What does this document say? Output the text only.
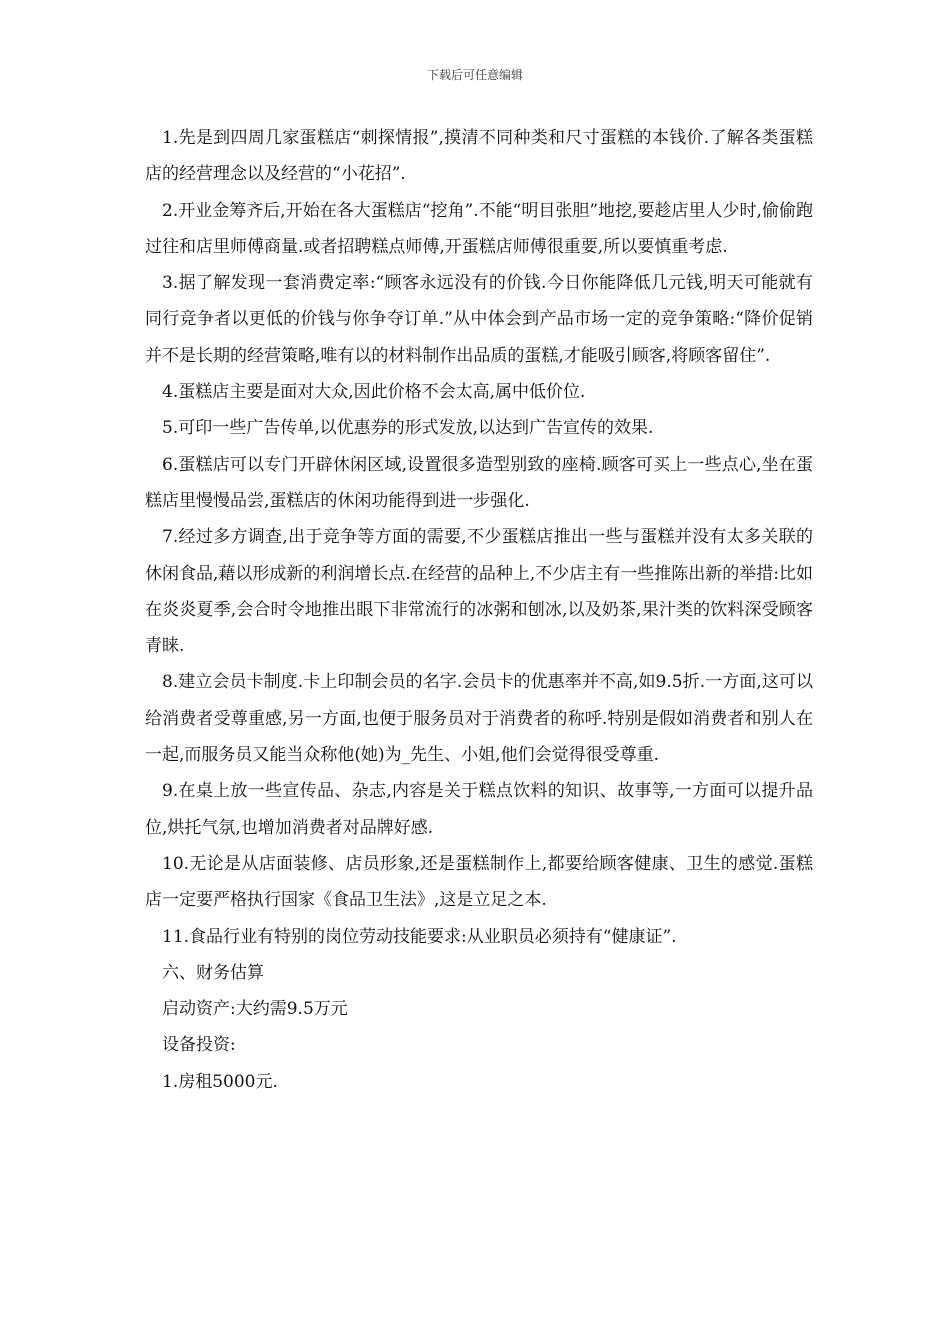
下载后可任意编辑

1.先是到四周几家蛋糕店“刺探情报”,摸清不同种类和尺寸蛋糕的本钱价.了解各类蛋糕店的经营理念以及经营的“小花招”.

2.开业金筹齐后,开始在各大蛋糕店“挖角”.不能“明目张胆”地挖,要趁店里人少时,偷偷跑过往和店里师傅商量.或者招聘糕点师傅,开蛋糕店师傅很重要,所以要慎重考虑.

3.据了解发现一套消费定率:“顾客永远没有的价钱.今日你能降低几元钱,明天可能就有同行竞争者以更低的价钱与你争夺订单.”从中体会到产品市场一定的竞争策略:“降价促销并不是长期的经营策略,唯有以的材料制作出品质的蛋糕,才能吸引顾客,将顾客留住”.

4.蛋糕店主要是面对大众,因此价格不会太高,属中低价位.

5.可印一些广告传单,以优惠券的形式发放,以达到广告宣传的效果.

6.蛋糕店可以专门开辟休闲区域,设置很多造型别致的座椅.顾客可买上一些点心,坐在蛋糕店里慢慢品尝,蛋糕店的休闲功能得到进一步强化.

7.经过多方调查,出于竞争等方面的需要,不少蛋糕店推出一些与蛋糕并没有太多关联的休闲食品,藉以形成新的利润增长点.在经营的品种上,不少店主有一些推陈出新的举措:比如在炎炎夏季,会合时令地推出眼下非常流行的冰粥和刨冰,以及奶茶,果汁类的饮料深受顾客青睐.

8.建立会员卡制度.卡上印制会员的名字.会员卡的优惠率并不高,如9.5折.一方面,这可以给消费者受尊重感,另一方面,也便于服务员对于消费者的称呼.特别是假如消费者和别人在一起,而服务员又能当众称他(她)为_先生、小姐,他们会觉得很受尊重.

9.在桌上放一些宣传品、杂志,内容是关于糕点饮料的知识、故事等,一方面可以提升品位,烘托气氛,也增加消费者对品牌好感.

10.无论是从店面装修、店员形象,还是蛋糕制作上,都要给顾客健康、卫生的感觉.蛋糕店一定要严格执行国家《食品卫生法》,这是立足之本.

11.食品行业有特别的岗位劳动技能要求:从业职员必须持有“健康证”.

六、财务估算

启动资产:大约需9.5万元

设备投资:

1.房租5000元.
